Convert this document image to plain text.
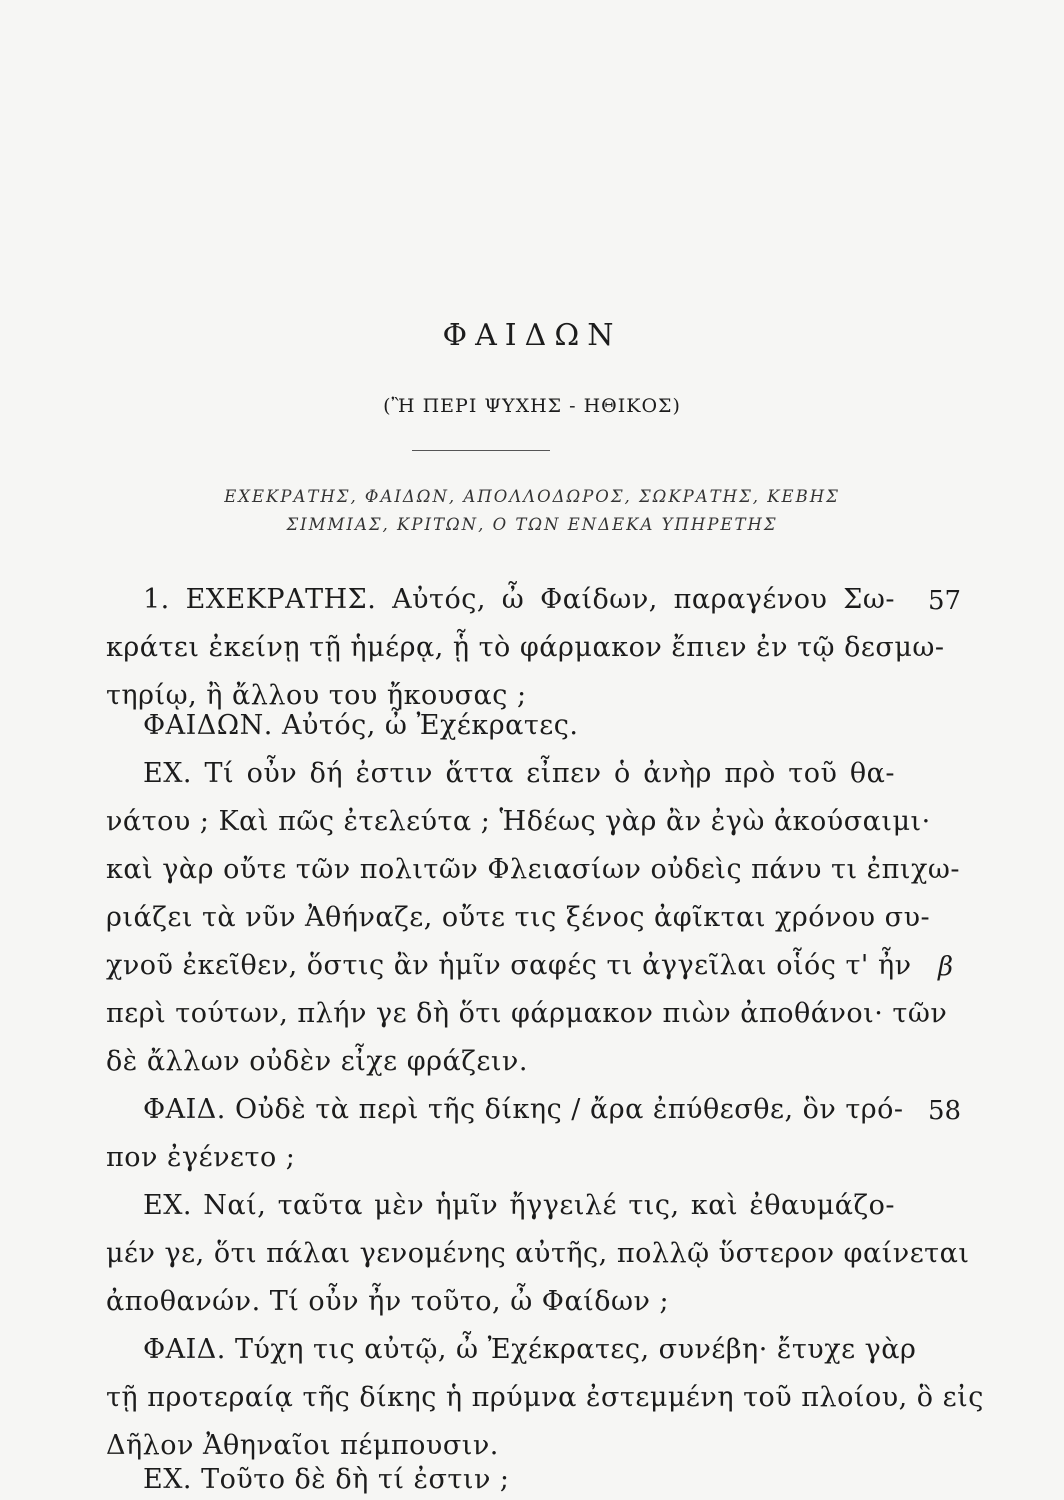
ΦΑΙΔΩΝ
(Ἢ ΠΕΡΙ ΨΥΧΗΣ - ΗΘΙΚΟΣ)
ΕΧΕΚΡΑΤΗΣ, ΦΑΙΔΩΝ, ΑΠΟΛΛΟΔΩΡΟΣ, ΣΩΚΡΑΤΗΣ, ΚΕΒΗΣ
ΣΙΜΜΙΑΣ, ΚΡΙΤΩΝ, Ο ΤΩΝ ΕΝΔΕΚΑ ΥΠΗΡΕΤΗΣ
1. ΕΧΕΚΡΑΤΗΣ. Αὐτός, ὦ Φαίδων, παραγένου Σω-
κράτει ἐκείνῃ τῇ ἡμέρᾳ, ᾗ τὸ φάρμακον ἔπιεν ἐν τῷ δεσμω-
τηρίῳ, ἢ ἄλλου του ἤκουσας ;
ΦΑΙΔΩΝ. Αὐτός, ὦ Ἐχέκρατες.
ΕΧ. Τί οὖν δή ἐστιν ἅττα εἶπεν ὁ ἀνὴρ πρὸ τοῦ θα-
νάτου ; Καὶ πῶς ἐτελεύτα ; Ἡδέως γὰρ ἂν ἐγὼ ἀκούσαιμι·
καὶ γὰρ οὔτε τῶν πολιτῶν Φλειασίων οὐδεὶς πάνυ τι ἐπιχω-
ριάζει τὰ νῦν Ἀθήναζε, οὔτε τις ξένος ἀφῖκται χρόνου συ-
χνοῦ ἐκεῖθεν, ὅστις ἂν ἡμῖν σαφές τι ἀγγεῖλαι οἷός τ' ἦν
περὶ τούτων, πλήν γε δὴ ὅτι φάρμακον πιὼν ἀποθάνοι· τῶν
δὲ ἄλλων οὐδὲν εἶχε φράζειν.
ΦΑΙΔ. Οὐδὲ τὰ περὶ τῆς δίκης / ἄρα ἐπύθεσθε, ὃν τρό-
πον ἐγένετο ;
ΕΧ. Ναί, ταῦτα μὲν ἡμῖν ἤγγειλέ τις, καὶ ἐθαυμάζο-
μέν γε, ὅτι πάλαι γενομένης αὐτῆς, πολλῷ ὕστερον φαίνεται
ἀποθανών. Τί οὖν ἦν τοῦτο, ὦ Φαίδων ;
ΦΑΙΔ. Τύχη τις αὐτῷ, ὦ Ἐχέκρατες, συνέβη· ἔτυχε γὰρ
τῇ προτεραίᾳ τῆς δίκης ἡ πρύμνα ἐστεμμένη τοῦ πλοίου, ὃ εἰς
Δῆλον Ἀθηναῖοι πέμπουσιν.
ΕΧ. Τοῦτο δὲ δὴ τί ἐστιν ;
57
β
58
